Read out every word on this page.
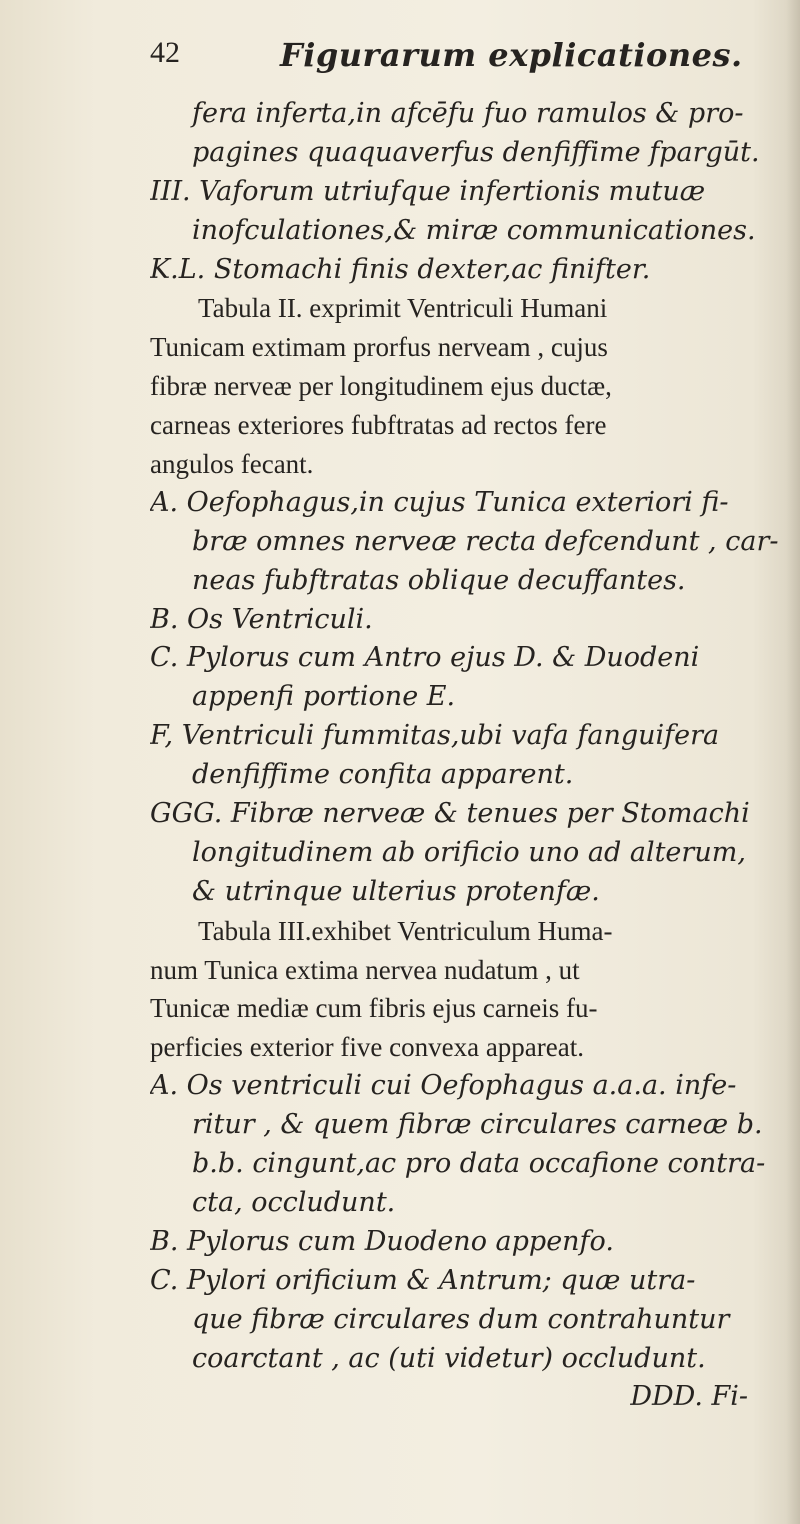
42	Figurarum explicationes.
fera inferta,in afcēfu fuo ramulos & pro-
pagines quaquaverfus denfiffime fpargūt.
III. Vaforum utriufque infertionis mutuæ
inofculationes,& miræ communicationes.
K.L. Stomachi finis dexter,ac finifter.
Tabula II. exprimit Ventriculi Humani
Tunicam extimam prorfus nerveam , cujus
fibræ nerveæ per longitudinem ejus ductæ,
carneas exteriores fubftratas ad rectos fere
angulos fecant.
A. Oefophagus,in cujus Tunica exteriori fi-
bræ omnes nerveæ recta defcendunt , car-
neas fubftratas oblique decuffantes.
B. Os Ventriculi.
C. Pylorus cum Antro ejus D. & Duodeni
appenfi portione E.
F, Ventriculi fummitas,ubi vafa fanguifera
denfiffime confita apparent.
GGG. Fibræ nerveæ & tenues per Stomachi
longitudinem ab orificio uno ad alterum,
& utrinque ulterius protenfæ.
Tabula III.exhibet Ventriculum Huma-
num Tunica extima nervea nudatum , ut
Tunicæ mediæ cum fibris ejus carneis fu-
perficies exterior five convexa appareat.
A. Os ventriculi cui Oefophagus a.a.a. infe-
ritur , & quem fibræ circulares carneæ b.
b.b. cingunt,ac pro data occafione contra-
cta, occludunt.
B. Pylorus cum Duodeno appenfo.
C. Pylori orificium & Antrum; quæ utra-
que fibræ circulares dum contrahuntur
coarctant , ac (uti videtur) occludunt.
DDD. Fi-
